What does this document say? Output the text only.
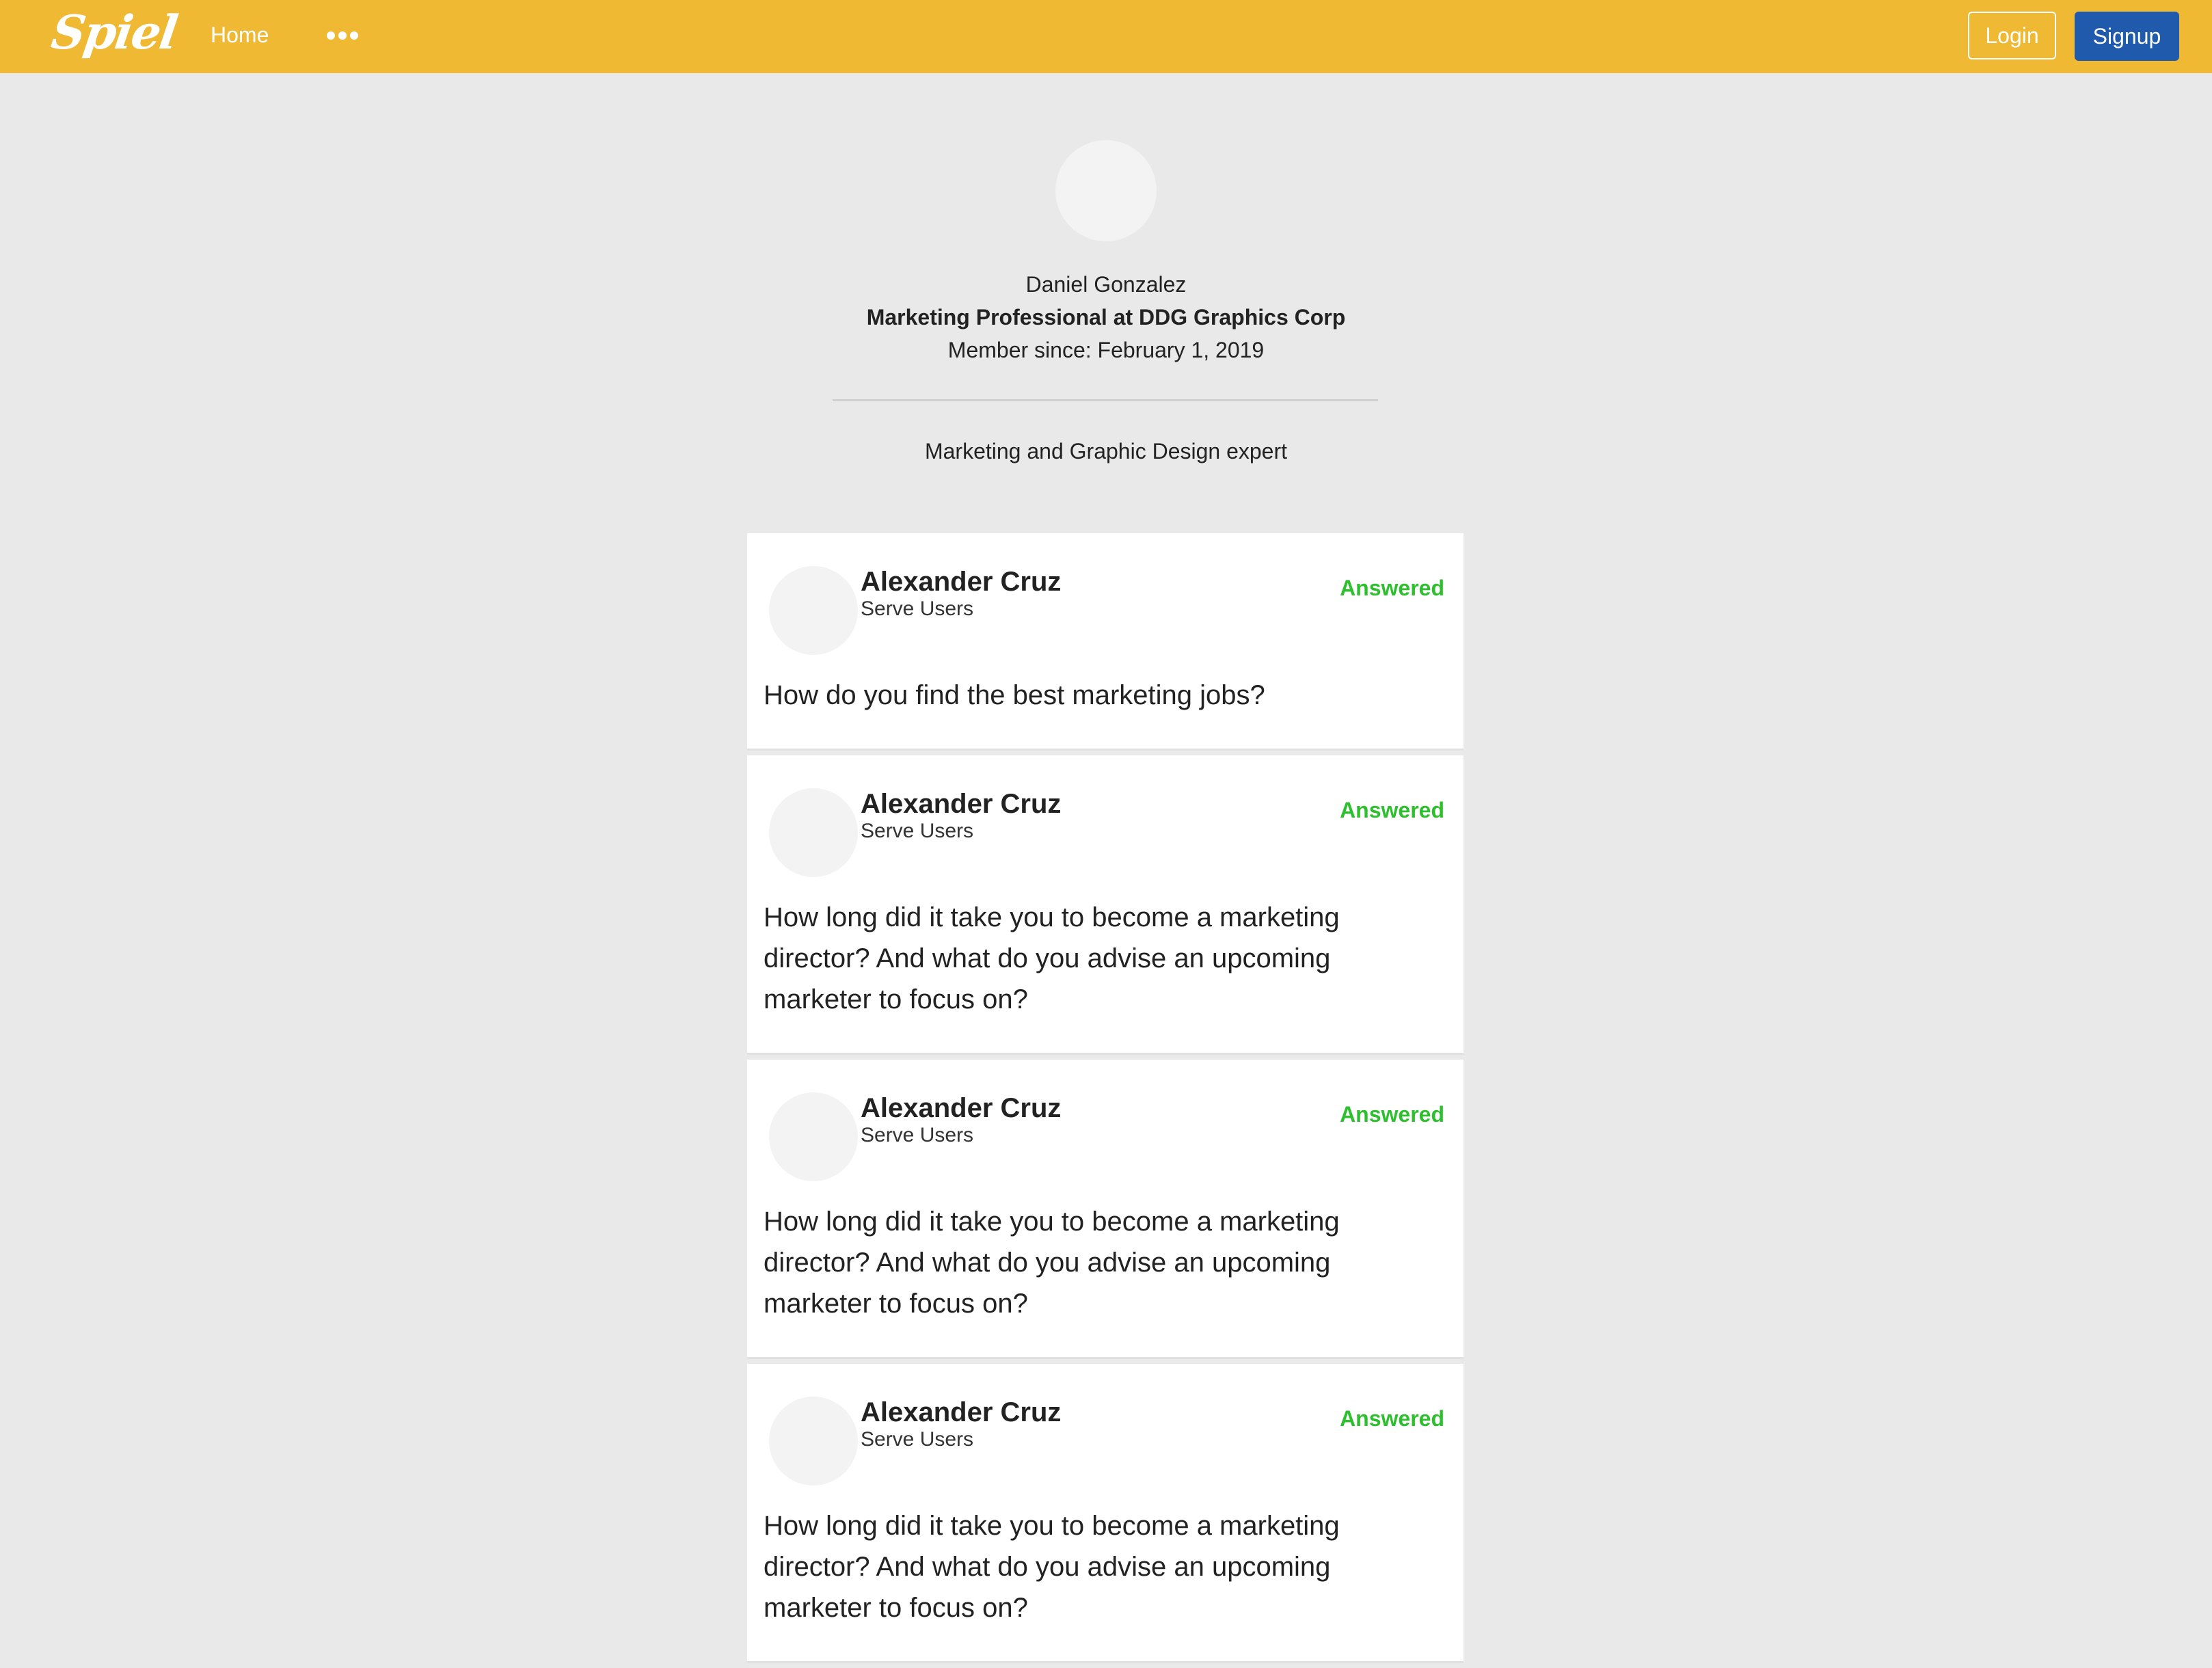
Spiel Home	Login	Signup
Daniel Gonzalez
Marketing Professional at DDG Graphics Corp
Member since: February 1, 2019
Marketing and Graphic Design expert
Answered
Alexander Cruz
Serve Users
How do you find the best marketing jobs?
Answered
Alexander Cruz
Serve Users
How long did it take you to become a marketing director? And what do you advise an upcoming marketer to focus on?
Answered
Alexander Cruz
Serve Users
How long did it take you to become a marketing director? And what do you advise an upcoming marketer to focus on?
Answered
Alexander Cruz
Serve Users
How long did it take you to become a marketing director? And what do you advise an upcoming marketer to focus on?
